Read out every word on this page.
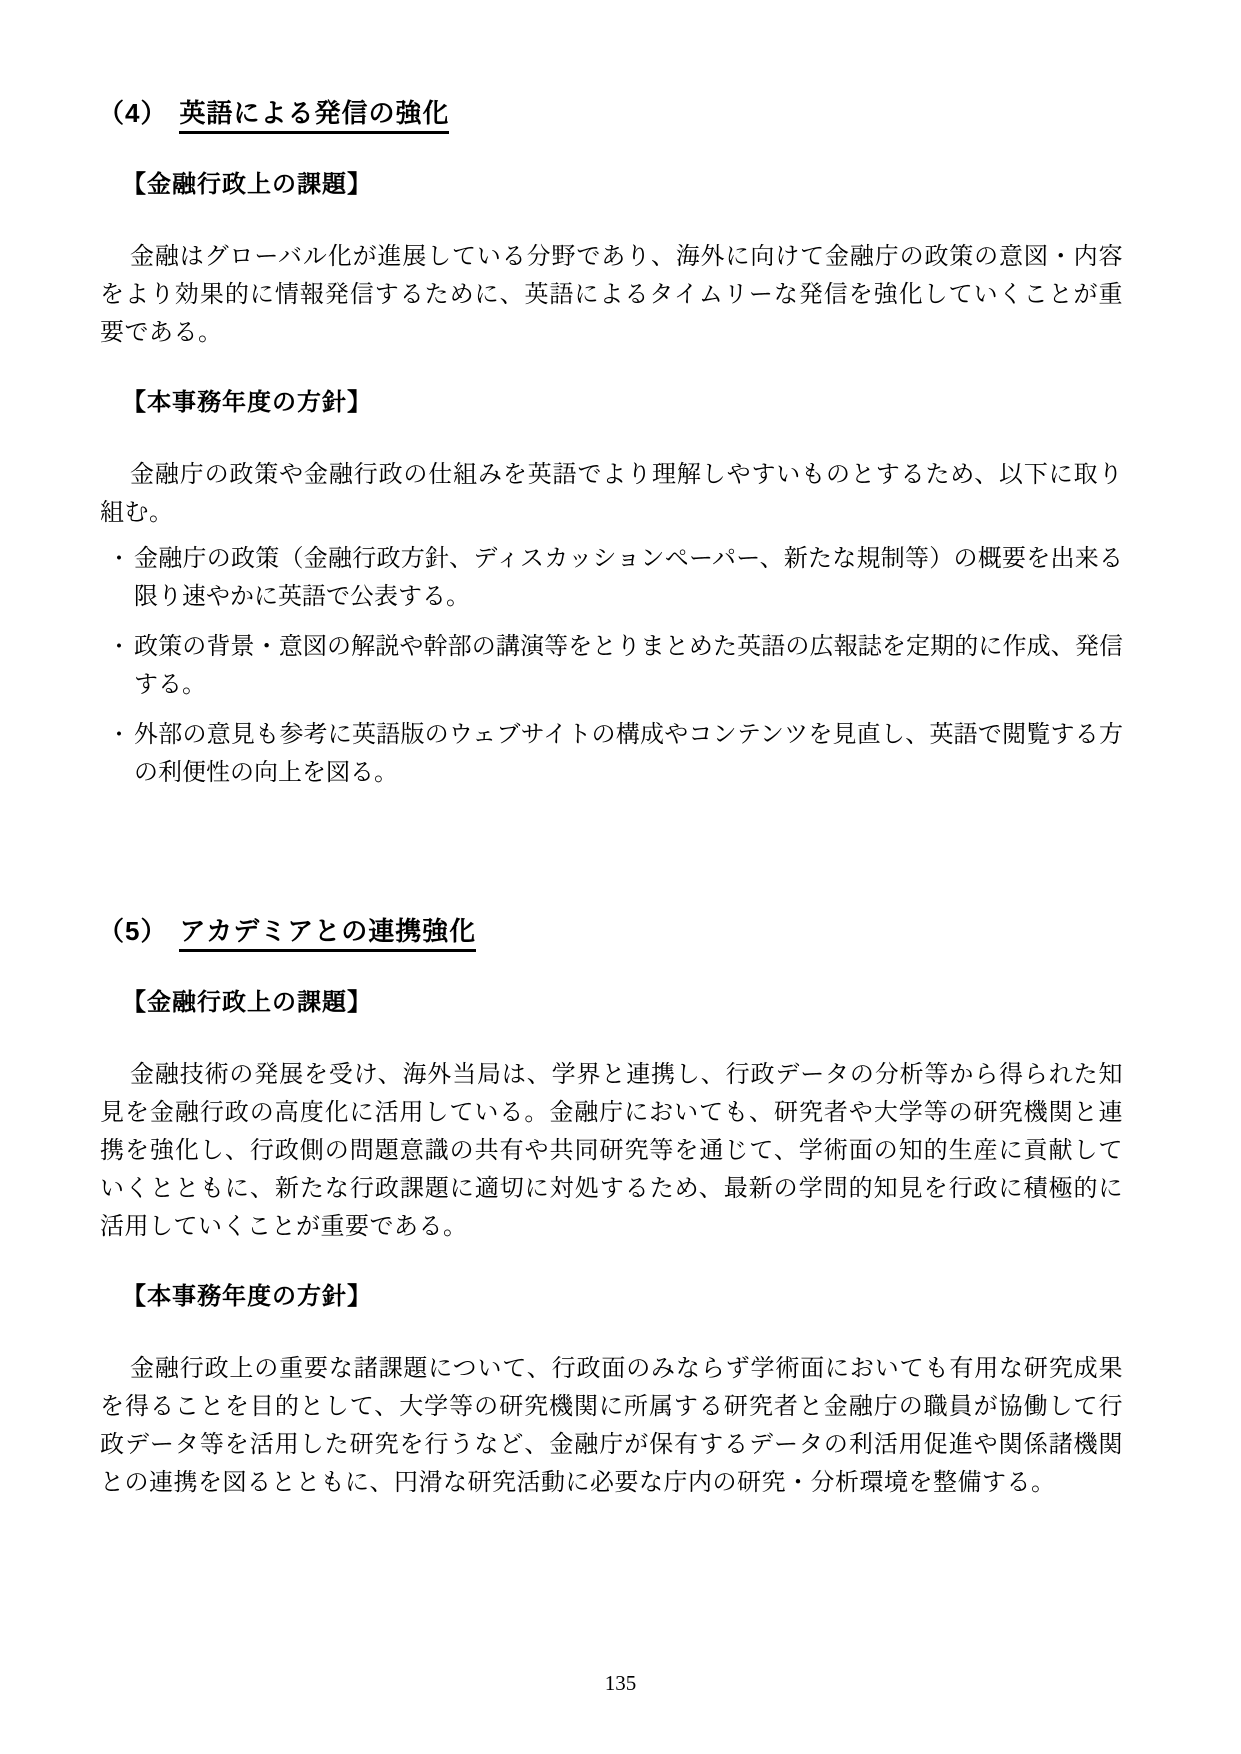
（4） 英語による発信の強化
【金融行政上の課題】

金融はグローバル化が進展している分野であり、海外に向けて金融庁の政策の意図・内容をより効果的に情報発信するために、英語によるタイムリーな発信を強化していくことが重要である。

【本事務年度の方針】

金融庁の政策や金融行政の仕組みを英語でより理解しやすいものとするため、以下に取り組む。

・ 金融庁の政策（金融行政方針、ディスカッションペーパー、新たな規制等）の概要を出来る限り速やかに英語で公表する。
・ 政策の背景・意図の解説や幹部の講演等をとりまとめた英語の広報誌を定期的に作成、発信する。
・ 外部の意見も参考に英語版のウェブサイトの構成やコンテンツを見直し、英語で閲覧する方の利便性の向上を図る。
（5） アカデミアとの連携強化
【金融行政上の課題】

金融技術の発展を受け、海外当局は、学界と連携し、行政データの分析等から得られた知見を金融行政の高度化に活用している。金融庁においても、研究者や大学等の研究機関と連携を強化し、行政側の問題意識の共有や共同研究等を通じて、学術面の知的生産に貢献していくとともに、新たな行政課題に適切に対処するため、最新の学問的知見を行政に積極的に活用していくことが重要である。

【本事務年度の方針】

金融行政上の重要な諸課題について、行政面のみならず学術面においても有用な研究成果を得ることを目的として、大学等の研究機関に所属する研究者と金融庁の職員が協働して行政データ等を活用した研究を行うなど、金融庁が保有するデータの利活用促進や関係諸機関との連携を図るとともに、円滑な研究活動に必要な庁内の研究・分析環境を整備する。

135
